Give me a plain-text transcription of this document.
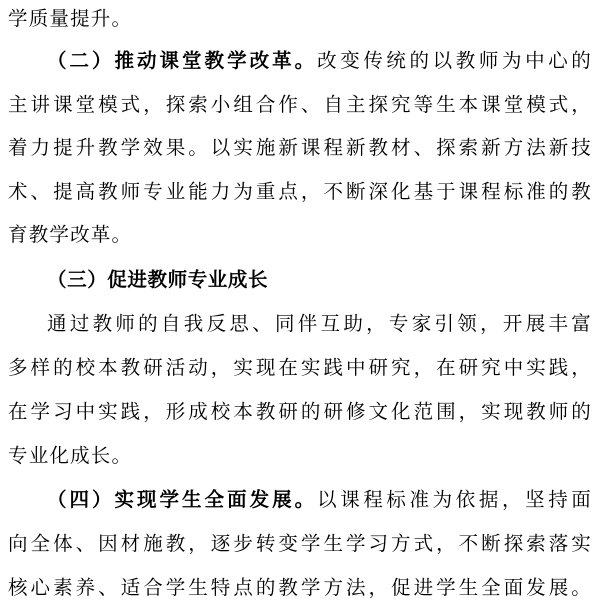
学质量提升。
（二）推动课堂教学改革。改变传统的以教师为中心的
主讲课堂模式，探索小组合作、自主探究等生本课堂模式，
着力提升教学效果。以实施新课程新教材、探索新方法新技
术、提高教师专业能力为重点，不断深化基于课程标准的教
育教学改革。
（三）促进教师专业成长
通过教师的自我反思、同伴互助，专家引领，开展丰富
多样的校本教研活动，实现在实践中研究，在研究中实践，
在学习中实践，形成校本教研的研修文化范围，实现教师的
专业化成长。
（四）实现学生全面发展。以课程标准为依据，坚持面
向全体、因材施教，逐步转变学生学习方式，不断探索落实
核心素养、适合学生特点的教学方法，促进学生全面发展。
